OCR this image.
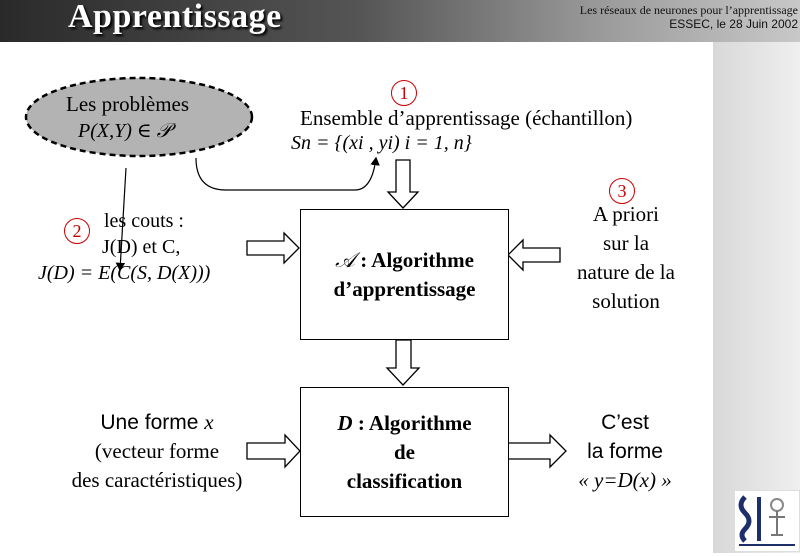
Apprentissage	Les réseaux de neurones pour l’apprentissage
ESSEC, le 28 Juin 2002
Les problèmes
P(X,Y) ∈ 𝒫
1
Ensemble d’apprentissage (échantillon)
Sn = {(xi , yi) i = 1, n}
2	les couts :
J(D) et C,
J(D) = E(C(S, D(X)))
3
A priori
sur la
nature de la
solution
𝒜 : Algorithme
d’apprentissage
D : Algorithme
de
classification
Une forme x
(vecteur forme
des caractéristiques)
C’est
la forme
« y=D(x) »
